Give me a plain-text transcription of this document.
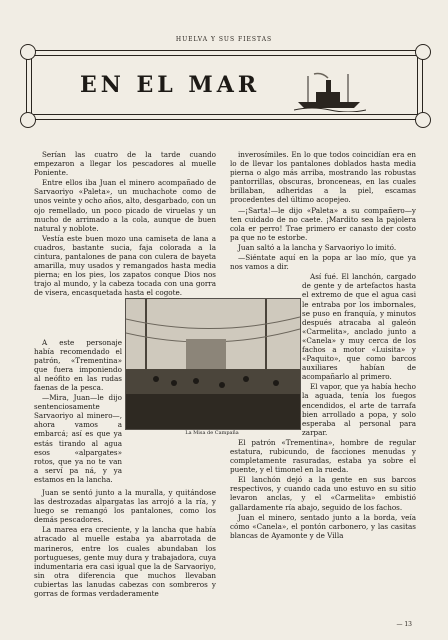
HUELVA Y SUS FIESTAS
EN EL MAR

Serían las cuatro de la tarde cuando empezaron a llegar los pescadores al muelle Poniente.

Entre ellos iba Juan el minero acompañado de Sarvaoriyo «Paleta», un muchachote como de unos veinte y ocho años, alto, desgarbado, con un ojo remellado, un poco picado de viruelas y un mucho de arrimado a la cola, aunque de buen natural y noblote.

Vestía este buen mozo una camiseta de lana a cuadros, bastante sucia, faja colorada a la cintura, pantalones de pana con culera de bayeta amarilla, muy usados y remangados hasta media pierna; en los pies, los zapatos conque Dios nos trajo al mundo, y la cabeza tocada con una gorra de visera, encasquetada hasta el cogote.

A este personaje había recomendado el patrón, «Trementina» que fuera imponiendo al neófito en las rudas faenas de la pesca.

—Mira, Juan—le dijo sentenciosamente Sarvaoriyo al minero—, ahora vamos a embarcá; así es que ya estás tirando al agua esos «alpargates» rotos, que ya no te van a serví pa ná, y ya estamos en la lancha.

Juan se sentó junto a la muralla, y quitándose las destrozadas alpargatas las arrojó a la ría, y luego se remangó los pantalones, como los demás pescadores.

La marea era creciente, y la lancha que había atracado al muelle estaba ya abarrotada de marineros, entre los cuales abundaban los portugueses, gente muy dura y trabajadora, cuya indumentaria era casi igual que la de Sarvaoriyo, sin otra diferencia que muchos llevaban cubiertas las lanudas cabezas con sombreros y gorras de formas verdaderamente

inverosímiles. En lo que todos coincidían era en lo de llevar los pantalones doblados hasta media pierna o algo más arriba, mostrando las robustas pantorrillas, obscuras, bronceneas, en las cuales brillaban, adheridas a la piel, escamas procedentes del último acopejeo.

—¡Sarta!—le dijo «Paleta» a su compañero—y ten cuidado de no caete. ¡Mardito sea la pajolera cola er perro! Trae primero er canasto der costo pa que no te estorbe.

Juan saltó a la lancha y Sarvaoriyo lo imitó.

—Siéntate aquí en la popa ar lao mío, que ya nos vamos a dir.

Así fué. El lanchón, cargado de gente y de artefactos hasta el extremo de que el agua casi le entraba por los imbornales, se puso en franquía, y minutos después atracaba al galeón «Carmelita», anclado junto a «Canela» y muy cerca de los fachos a motor «Luisita» y «Paquito», que como barcos auxiliares habían de acompañarlo al primero.

El vapor, que ya había hecho la aguada, tenía los fuegos encendidos, el arte de tarrafa bien arrollado a popa, y solo esperaba al personal para zarpar.

El patrón «Trementina», hombre de regular estatura, rubicundo, de facciones menudas y completamente rasuradas, estaba ya sobre el puente, y el timonel en la rueda.

El lanchón dejó a la gente en sus barcos respectivos, y cuando cada uno estuvo en su sitio levaron anclas, y el «Carmelita» embistió gallardamente ría abajo, seguido de los fachos.

Juan el minero, sentado junto a la borda, veía cómo «Canela», el pontón carbonero, y las casitas blancas de Ayamonte y de Villa

La Misa de Campaña
— 13
